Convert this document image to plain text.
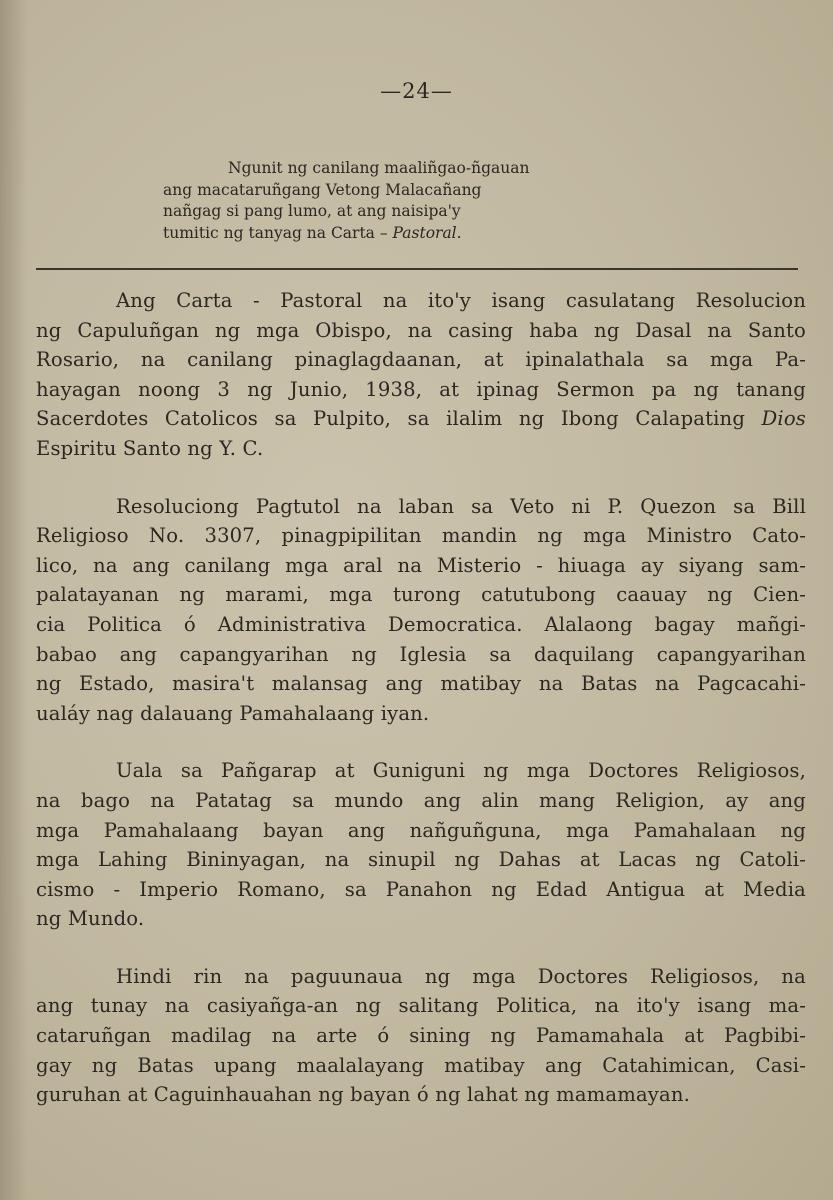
—24—
Ngunit ng canilang maaliñgao-ñgauan
ang macataruñgang Vetong Malacañang
nañgag si pang lumo, at ang naisipa'y
tumitic ng tanyag na Carta – Pastoral.

Ang Carta - Pastoral na ito'y isang casulatang Resolucion
ng Capuluñgan ng mga Obispo, na casing haba ng Dasal na Santo
Rosario, na canilang pinaglagdaanan, at ipinalathala sa mga Pa-
hayagan noong 3 ng Junio, 1938, at ipinag Sermon pa ng tanang
Sacerdotes Catolicos sa Pulpito, sa ilalim ng Ibong Calapating Dios
Espiritu Santo ng Y. C.

Resoluciong Pagtutol na laban sa Veto ni P. Quezon sa Bill
Religioso No. 3307, pinagpipilitan mandin ng mga Ministro Cato-
lico, na ang canilang mga aral na Misterio - hiuaga ay siyang sam-
palatayanan ng marami, mga turong catutubong caauay ng Cien-
cia Politica ó Administrativa Democratica. Alalaong bagay mañgi-
babao ang capangyarihan ng Iglesia sa daquilang capangyarihan
ng Estado, masira't malansag ang matibay na Batas na Pagcacahi-
ualáy nag dalauang Pamahalaang iyan.

Uala sa Pañgarap at Guniguni ng mga Doctores Religiosos,
na bago na Patatag sa mundo ang alin mang Religion, ay ang
mga Pamahalaang bayan ang nañguñguna, mga Pamahalaan ng
mga Lahing Bininyagan, na sinupil ng Dahas at Lacas ng Catoli-
cismo - Imperio Romano, sa Panahon ng Edad Antigua at Media
ng Mundo.

Hindi rin na paguunaua ng mga Doctores Religiosos, na
ang tunay na casiyañga-an ng salitang Politica, na ito'y isang ma-
cataruñgan madilag na arte ó sining ng Pamamahala at Pagbibi-
gay ng Batas upang maalalayang matibay ang Catahimican, Casi-
guruhan at Caguinhauahan ng bayan ó ng lahat ng mamamayan.
